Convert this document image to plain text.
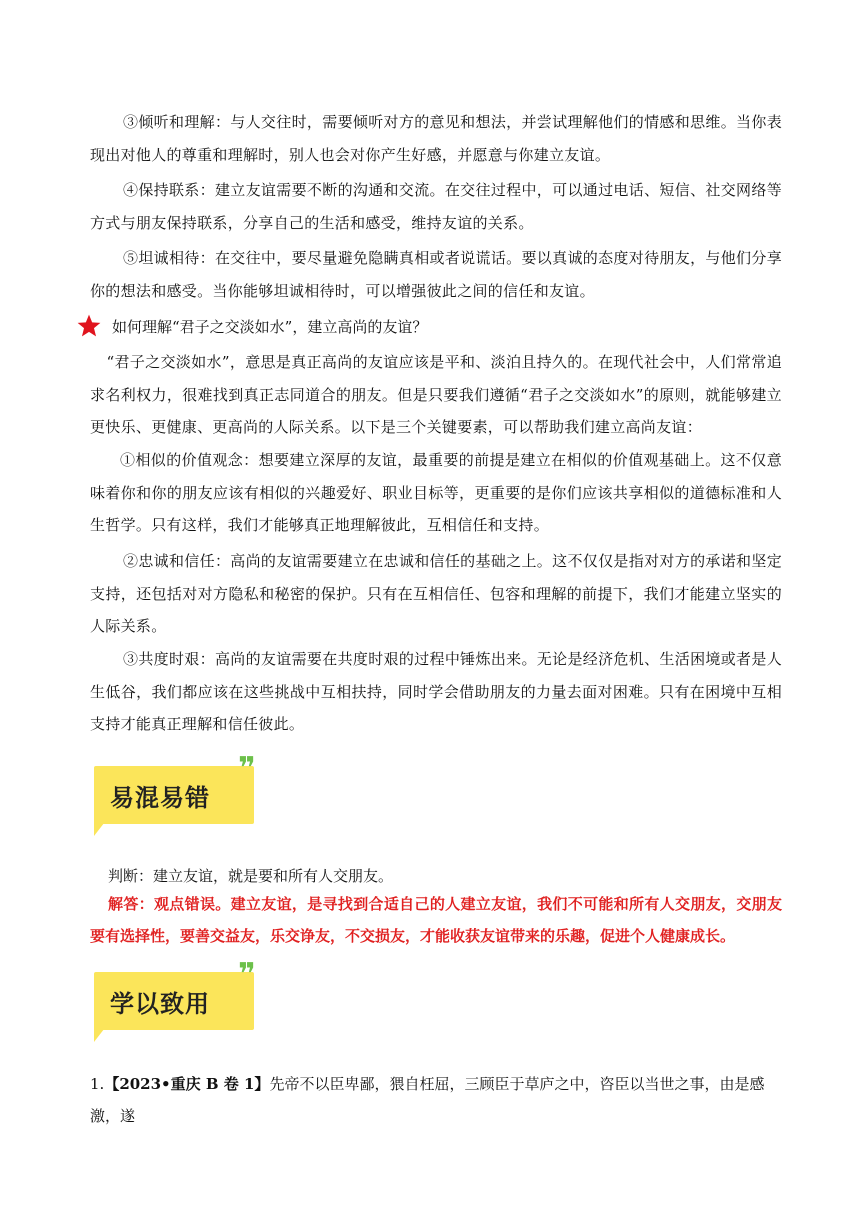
③倾听和理解：与人交往时，需要倾听对方的意见和想法，并尝试理解他们的情感和思维。当你表现出对他人的尊重和理解时，别人也会对你产生好感，并愿意与你建立友谊。

④保持联系：建立友谊需要不断的沟通和交流。在交往过程中，可以通过电话、短信、社交网络等方式与朋友保持联系，分享自己的生活和感受，维持友谊的关系。

⑤坦诚相待：在交往中，要尽量避免隐瞒真相或者说谎话。要以真诚的态度对待朋友，与他们分享你的想法和感受。当你能够坦诚相待时，可以增强彼此之间的信任和友谊。

如何理解“君子之交淡如水”，建立高尚的友谊？

“君子之交淡如水”，意思是真正高尚的友谊应该是平和、淡泊且持久的。在现代社会中，人们常常追求名利权力，很难找到真正志同道合的朋友。但是只要我们遵循“君子之交淡如水”的原则，就能够建立更快乐、更健康、更高尚的人际关系。以下是三个关键要素，可以帮助我们建立高尚友谊：

①相似的价值观念：想要建立深厚的友谊，最重要的前提是建立在相似的价值观基础上。这不仅意味着你和你的朋友应该有相似的兴趣爱好、职业目标等，更重要的是你们应该共享相似的道德标准和人生哲学。只有这样，我们才能够真正地理解彼此，互相信任和支持。

②忠诚和信任：高尚的友谊需要建立在忠诚和信任的基础之上。这不仅仅是指对对方的承诺和坚定支持，还包括对对方隐私和秘密的保护。只有在互相信任、包容和理解的前提下，我们才能建立坚实的人际关系。

③共度时艰：高尚的友谊需要在共度时艰的过程中锤炼出来。无论是经济危机、生活困境或者是人生低谷，我们都应该在这些挑战中互相扶持，同时学会借助朋友的力量去面对困难。只有在困境中互相支持才能真正理解和信任彼此。

易混易错
❞

判断：建立友谊，就是要和所有人交朋友。

解答：观点错误。建立友谊，是寻找到合适自己的人建立友谊，我们不可能和所有人交朋友，交朋友要有选择性，要善交益友，乐交诤友，不交损友，才能收获友谊带来的乐趣，促进个人健康成长。

学以致用
❞

1.【2023•重庆 B 卷 1】先帝不以臣卑鄙，猥自枉屈，三顾臣于草庐之中，咨臣以当世之事，由是感激，遂
